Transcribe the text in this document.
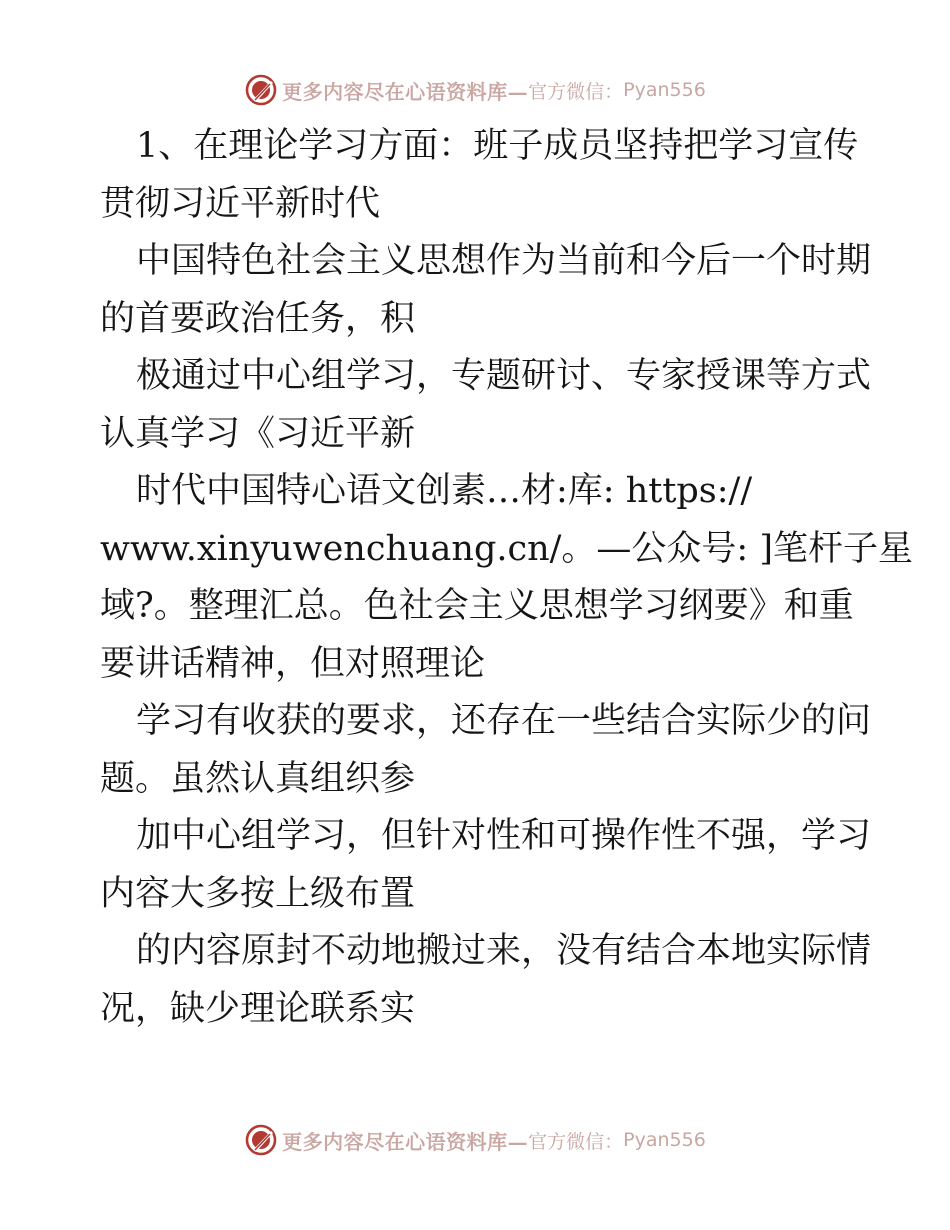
更多内容尽在心语资料库— 官方微信： Pyan556
1、在理论学习方面：班子成员坚持把学习宣传
贯彻习近平新时代
中国特色社会主义思想作为当前和今后一个时期
的首要政治任务，积
极通过中心组学习，专题研讨、专家授课等方式
认真学习《习近平新
时代中国特心语文创素…材:库: https://
www.xinyuwenchuang.cn/。—公众号: ]笔杆子星
域?。整理汇总。色社会主义思想学习纲要》和重
要讲话精神，但对照理论
学习有收获的要求，还存在一些结合实际少的问
题。虽然认真组织参
加中心组学习，但针对性和可操作性不强，学习
内容大多按上级布置
的内容原封不动地搬过来，没有结合本地实际情
况，缺少理论联系实
更多内容尽在心语资料库— 官方微信： Pyan556
